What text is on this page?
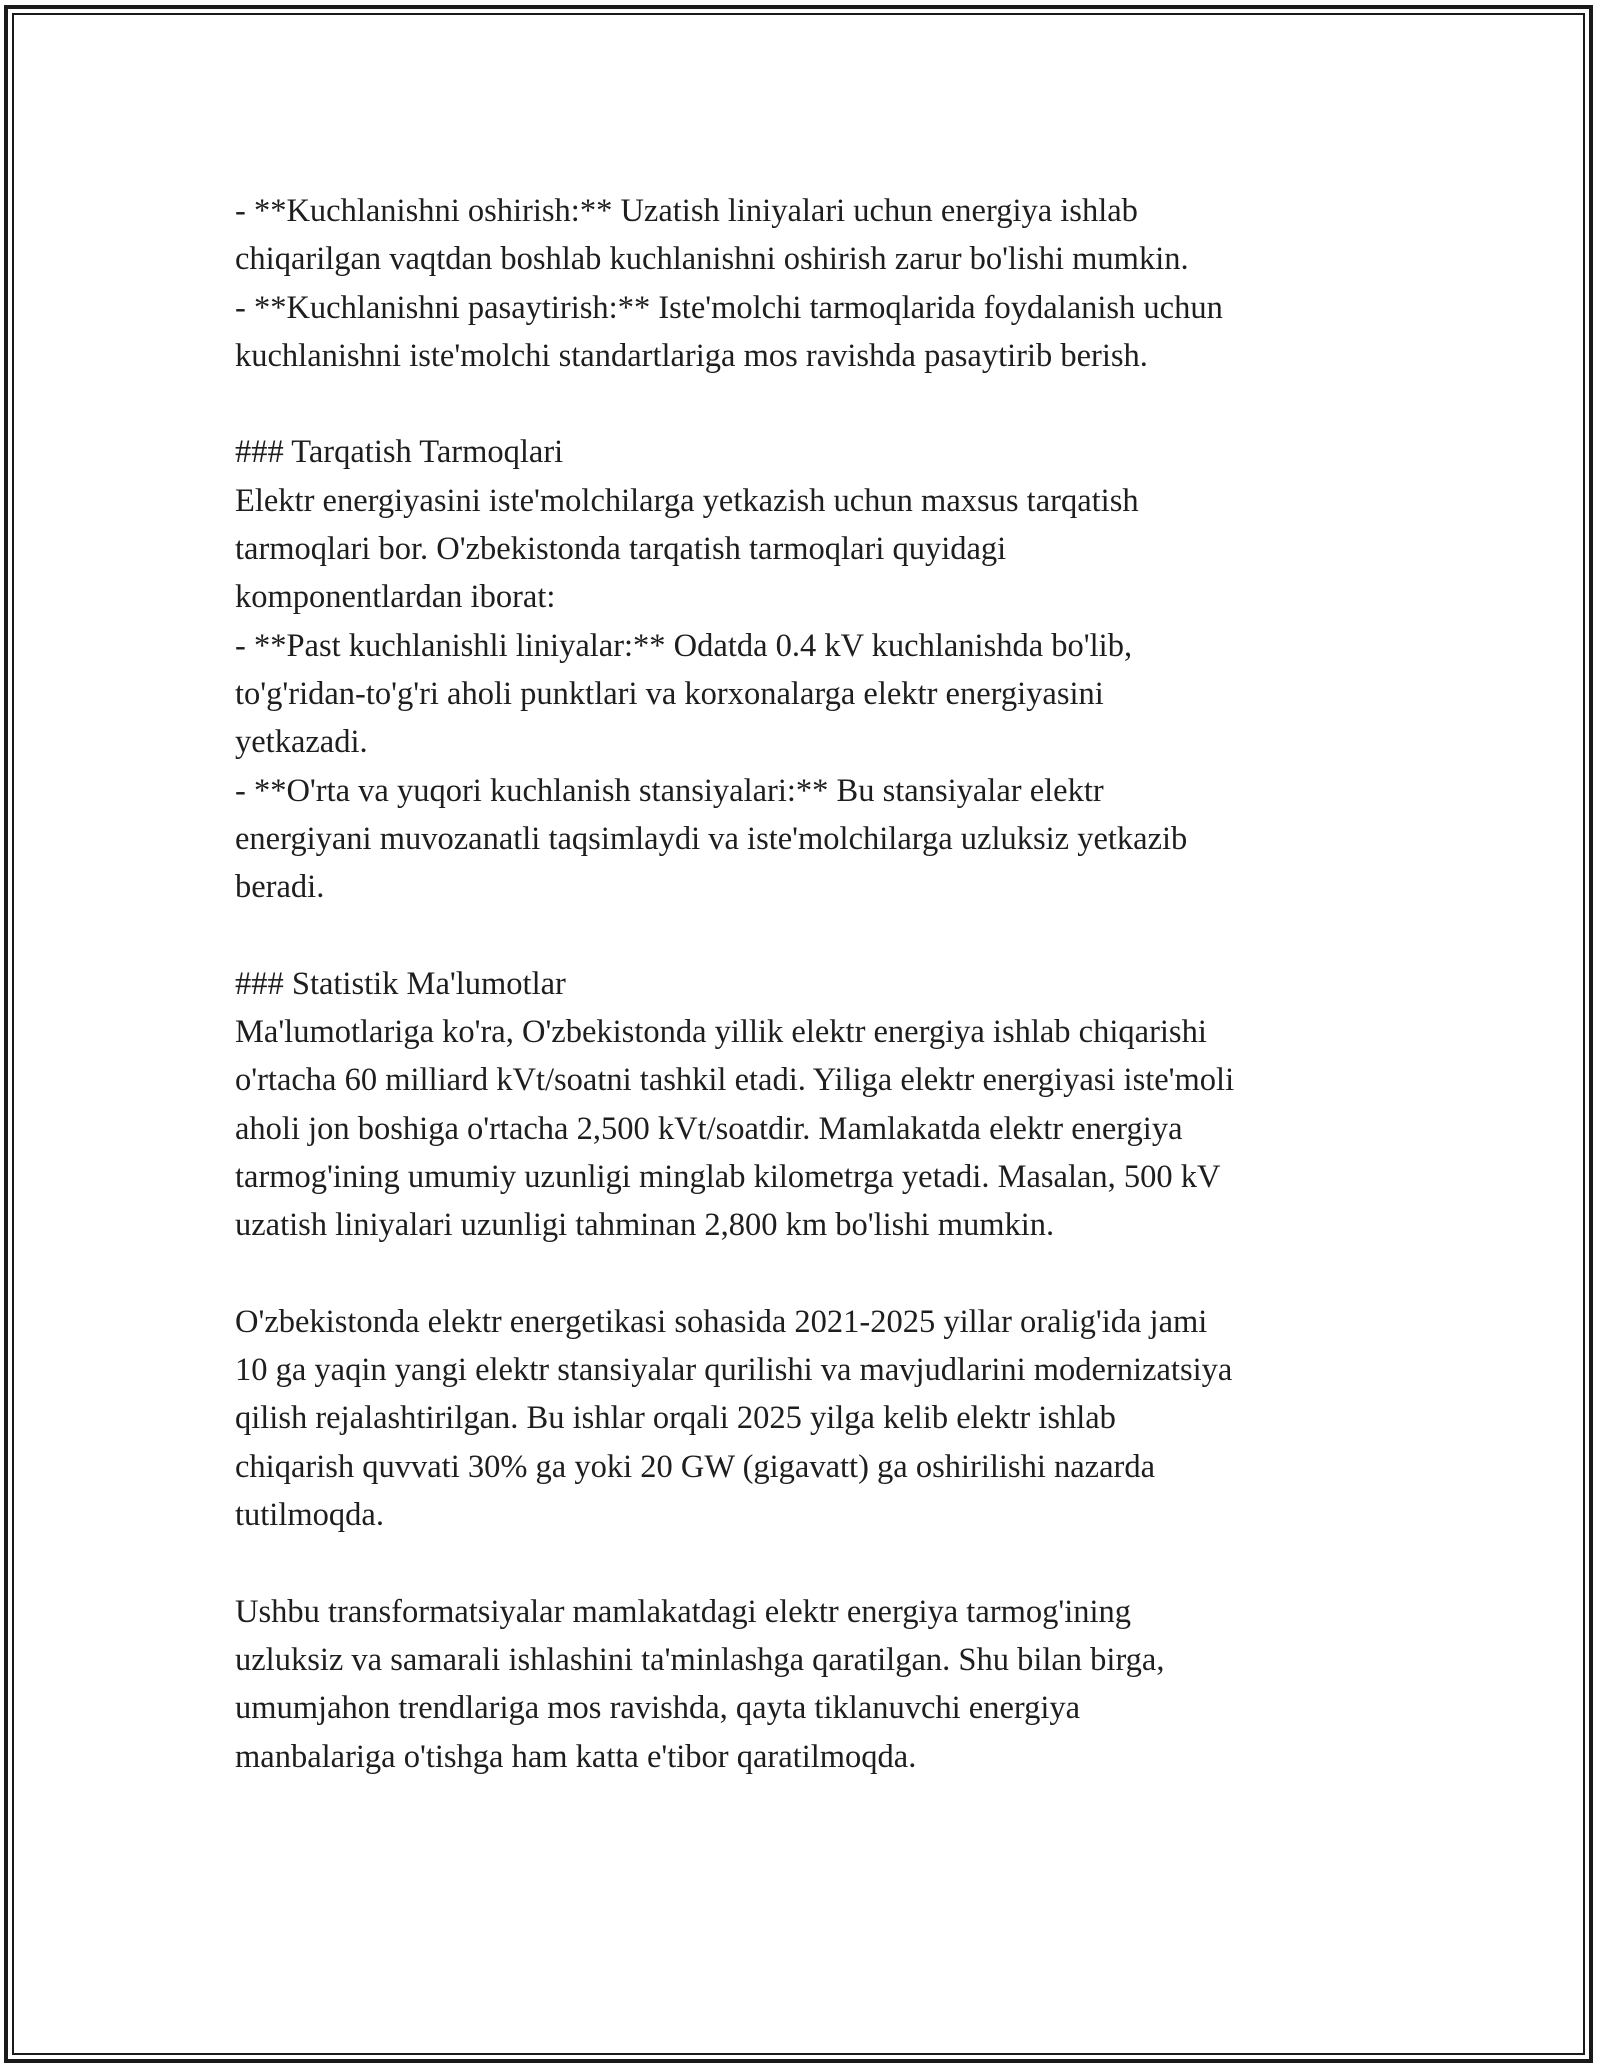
- **Kuchlanishni oshirish:** Uzatish liniyalari uchun energiya ishlab
chiqarilgan vaqtdan boshlab kuchlanishni oshirish zarur bo'lishi mumkin.
- **Kuchlanishni pasaytirish:** Iste'molchi tarmoqlarida foydalanish uchun
kuchlanishni iste'molchi standartlariga mos ravishda pasaytirib berish.
### Tarqatish Tarmoqlari
Elektr energiyasini iste'molchilarga yetkazish uchun maxsus tarqatish
tarmoqlari bor. O'zbekistonda tarqatish tarmoqlari quyidagi
komponentlardan iborat:
- **Past kuchlanishli liniyalar:** Odatda 0.4 kV kuchlanishda bo'lib,
to'g'ridan-to'g'ri aholi punktlari va korxonalarga elektr energiyasini
yetkazadi.
- **O'rta va yuqori kuchlanish stansiyalari:** Bu stansiyalar elektr
energiyani muvozanatli taqsimlaydi va iste'molchilarga uzluksiz yetkazib
beradi.
### Statistik Ma'lumotlar
Ma'lumotlariga ko'ra, O'zbekistonda yillik elektr energiya ishlab chiqarishi
o'rtacha 60 milliard kVt/soatni tashkil etadi. Yiliga elektr energiyasi iste'moli
aholi jon boshiga o'rtacha 2,500 kVt/soatdir. Mamlakatda elektr energiya
tarmog'ining umumiy uzunligi minglab kilometrga yetadi. Masalan, 500 kV
uzatish liniyalari uzunligi tahminan 2,800 km bo'lishi mumkin.
O'zbekistonda elektr energetikasi sohasida 2021-2025 yillar oralig'ida jami
10 ga yaqin yangi elektr stansiyalar qurilishi va mavjudlarini modernizatsiya
qilish rejalashtirilgan. Bu ishlar orqali 2025 yilga kelib elektr ishlab
chiqarish quvvati 30% ga yoki 20 GW (gigavatt) ga oshirilishi nazarda
tutilmoqda.
Ushbu transformatsiyalar mamlakatdagi elektr energiya tarmog'ining
uzluksiz va samarali ishlashini ta'minlashga qaratilgan. Shu bilan birga,
umumjahon trendlariga mos ravishda, qayta tiklanuvchi energiya
manbalariga o'tishga ham katta e'tibor qaratilmoqda.
